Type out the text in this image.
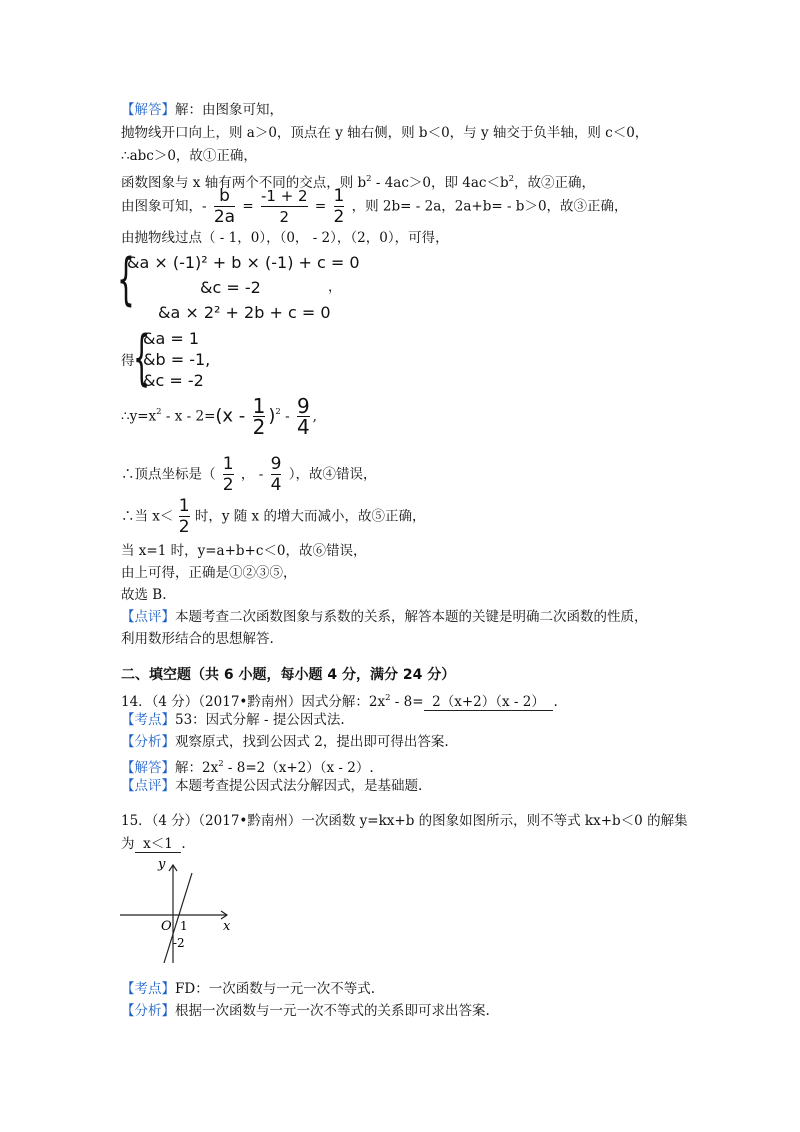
【解答】解：由图象可知，
抛物线开口向上，则 a＞0，顶点在 y 轴右侧，则 b＜0，与 y 轴交于负半轴，则 c＜0，
∴abc＞0，故①正确，
函数图象与 x 轴有两个不同的交点，则 $b^2 - 4ac>0$，即 $4ac<b^2$，故②正确，
由图象可知，- $\frac{b}{2a} = \frac{-1 + 2}{2} = \frac{1}{2}$ ，则 2b= - 2a，2a+b= - b＞0，故③正确，
由抛物线过点（ - 1，0），（0， - 2），（2，0），可得，
{
&a × (-1)² + b × (-1) + c = 0
&c = -2
&a × 2² + 2b + c = 0
，
得
{
&a = 1
&b = -1,
&c = -2
$\therefore y=x^2 - x - 2=(x - \frac{1}{2} )^2 - \frac{9}{4}$ ,
∴顶点坐标是（ $\frac{1}{2}$ ， - $\frac{9}{4}$ ），故④错误，
∴当 $x< \frac{1}{2}$ 时，y 随 x 的增大而减小，故⑤正确，
当 x=1 时，y=a+b+c＜0，故⑥错误，
由上可得，正确是①②③⑤，
故选 B.
【点评】本题考查二次函数图象与系数的关系，解答本题的关键是明确二次函数的性质，
利用数形结合的思想解答.
二、填空题（共 6 小题，每小题 4 分，满分 24 分）
14．（4 分）（2017•黔南州）因式分解：$2x^2 - 8= 2(x+2)(x - 2)$  .
【考点】53：因式分解 - 提公因式法.
【分析】观察原式，找到公因式 2，提出即可得出答案.
【解答】解：$2x^2 - 8=2(x+2)(x - 2)$.
【点评】本题考查提公因式法分解因式，是基础题.
15．（4 分）（2017•黔南州）一次函数 y=kx+b 的图象如图所示，则不等式 kx+b＜0 的解集
为  x＜1  .
y
x
O 1
-2
【考点】FD：一次函数与一元一次不等式.
【分析】根据一次函数与一元一次不等式的关系即可求出答案.
